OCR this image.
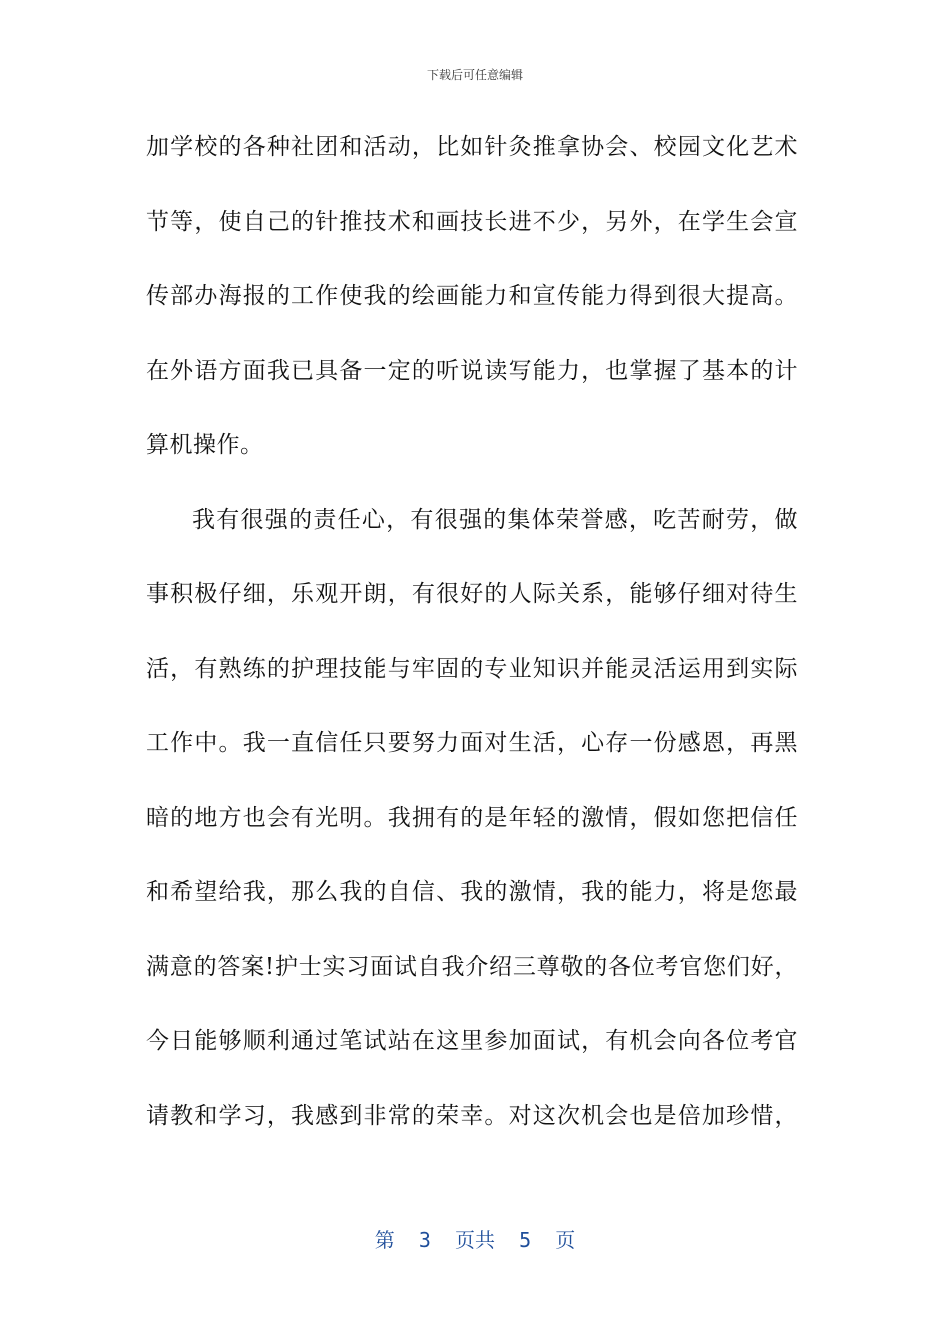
下载后可任意编辑
加学校的各种社团和活动，比如针灸推拿协会、校园文化艺术
节等，使自己的针推技术和画技长进不少，另外，在学生会宣
传部办海报的工作使我的绘画能力和宣传能力得到很大提高。
在外语方面我已具备一定的听说读写能力，也掌握了基本的计
算机操作。
我有很强的责任心，有很强的集体荣誉感，吃苦耐劳，做
事积极仔细，乐观开朗，有很好的人际关系，能够仔细对待生
活，有熟练的护理技能与牢固的专业知识并能灵活运用到实际
工作中。我一直信任只要努力面对生活，心存一份感恩，再黑
暗的地方也会有光明。我拥有的是年轻的激情，假如您把信任
和希望给我，那么我的自信、我的激情，我的能力，将是您最
满意的答案!护士实习面试自我介绍三尊敬的各位考官您们好，
今日能够顺利通过笔试站在这里参加面试，有机会向各位考官
请教和学习，我感到非常的荣幸。对这次机会也是倍加珍惜，
第  3  页共  5  页
